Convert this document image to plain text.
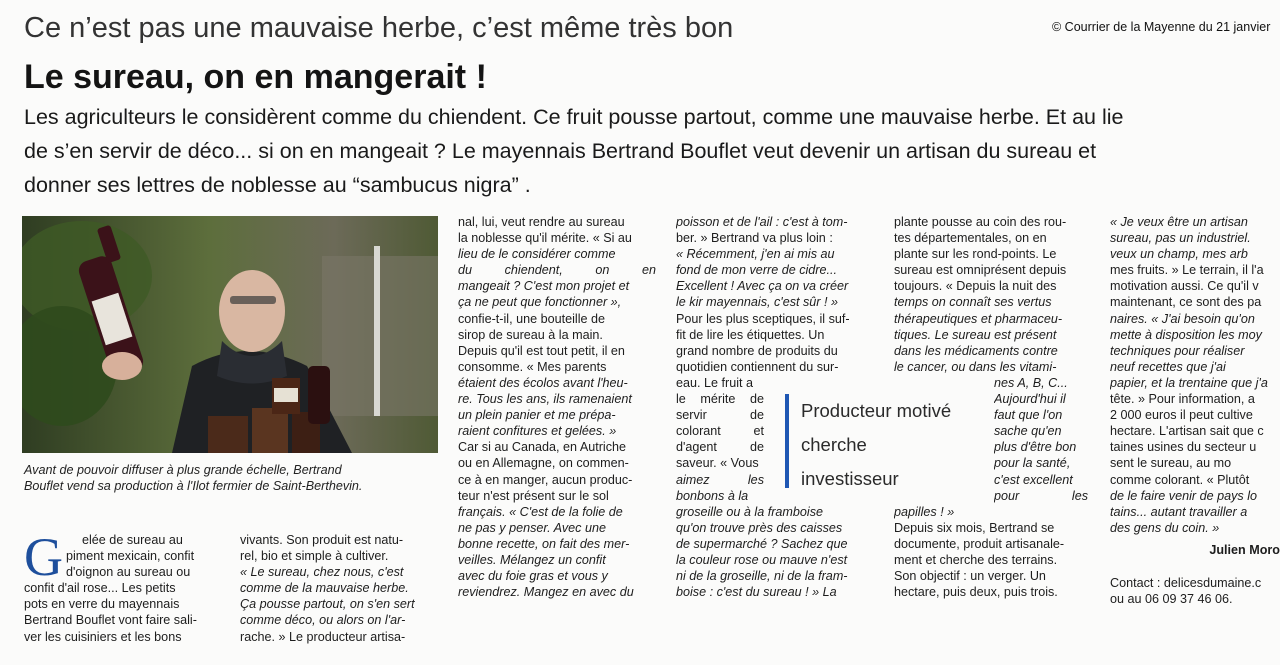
Ce n’est pas une mauvaise herbe, c’est même très bon	© Courrier de la Mayenne du 21 janvier
Le sureau, on en mangerait !
Les agriculteurs le considèrent comme du chiendent. Ce fruit pousse partout, comme une mauvaise herbe. Et au lie
de s’en servir de déco... si on en mangeait ? Le mayennais Bertrand Bouflet veut devenir un artisan du sureau et
donner ses lettres de noblesse au “sambucus nigra” .
Avant de pouvoir diffuser à plus grande échelle, Bertrand
Bouflet vend sa production à l'Ilot fermier de Saint-Berthevin.
G	elée de sureau au
piment mexicain, confit
d'oignon au sureau ou
confit d'ail rose... Les petits
pots en verre du mayennais
Bertrand Bouflet vont faire sali-
ver les cuisiniers et les bons
vivants. Son produit est natu-
rel, bio et simple à cultiver.
« Le sureau, chez nous, c'est
comme de la mauvaise herbe.
Ça pousse partout, on s'en sert
comme déco, ou alors on l'ar-
rache. » Le producteur artisa-
nal, lui, veut rendre au sureau
la noblesse qu'il mérite. « Si au
lieu de le considérer comme
du chiendent, on en
mangeait ? C'est mon projet et
ça ne peut que fonctionner »,
confie-t-il, une bouteille de
sirop de sureau à la main.
Depuis qu'il est tout petit, il en
consomme. « Mes parents
étaient des écolos avant l'heu-
re. Tous les ans, ils ramenaient
un plein panier et me prépa-
raient confitures et gelées. »
Car si au Canada, en Autriche
ou en Allemagne, on commen-
ce à en manger, aucun produc-
teur n'est présent sur le sol
français. « C'est de la folie de
ne pas y penser. Avec une
bonne recette, on fait des mer-
veilles. Mélangez un confit
avec du foie gras et vous y
reviendrez. Mangez en avec du
poisson et de l'ail : c'est à tom-
ber. » Bertrand va plus loin :
« Récemment, j'en ai mis au
fond de mon verre de cidre...
Excellent ! Avec ça on va créer
le kir mayennais, c'est sûr ! »
Pour les plus sceptiques, il suf-
fit de lire les étiquettes. Un
grand nombre de produits du
quotidien contiennent du sur-
eau. Le fruit a
le mérite de
servir de
colorant et
d'agent de
saveur. « Vous
aimez les
bonbons à la
groseille ou à la framboise
qu'on trouve près des caisses
de supermarché ? Sachez que
la couleur rose ou mauve n'est
ni de la groseille, ni de la fram-
boise : c'est du sureau ! » La
Producteur motivé
cherche
investisseur
plante pousse au coin des rou-
tes départementales, on en
plante sur les rond-points. Le
sureau est omniprésent depuis
toujours. « Depuis la nuit des
temps on connaît ses vertus
thérapeutiques et pharmaceu-
tiques. Le sureau est présent
dans les médicaments contre
le cancer, ou dans les vitami-
nes A, B, C...
Aujourd'hui il
faut que l'on
sache qu'en
plus d'être bon
pour la santé,
c'est excellent
pour les
papilles ! »
Depuis six mois, Bertrand se
documente, produit artisanale-
ment et cherche des terrains.
Son objectif : un verger. Un
hectare, puis deux, puis trois.
« Je veux être un artisan
sureau, pas un industriel.
veux un champ, mes arb
mes fruits. » Le terrain, il l'a
motivation aussi. Ce qu'il v
maintenant, ce sont des pa
naires. « J'ai besoin qu'on
mette à disposition les moy
techniques pour réaliser
neuf recettes que j'ai
papier, et la trentaine que j'a
tête. » Pour information, a
2 000 euros il peut cultive
hectare. L'artisan sait que c
taines usines du secteur u
sent le sureau, au mo
comme colorant. « Plutôt
de le faire venir de pays lo
tains... autant travailler a
des gens du coin. »
Julien Moro
Contact : delicesdumaine.c
ou au 06 09 37 46 06.
